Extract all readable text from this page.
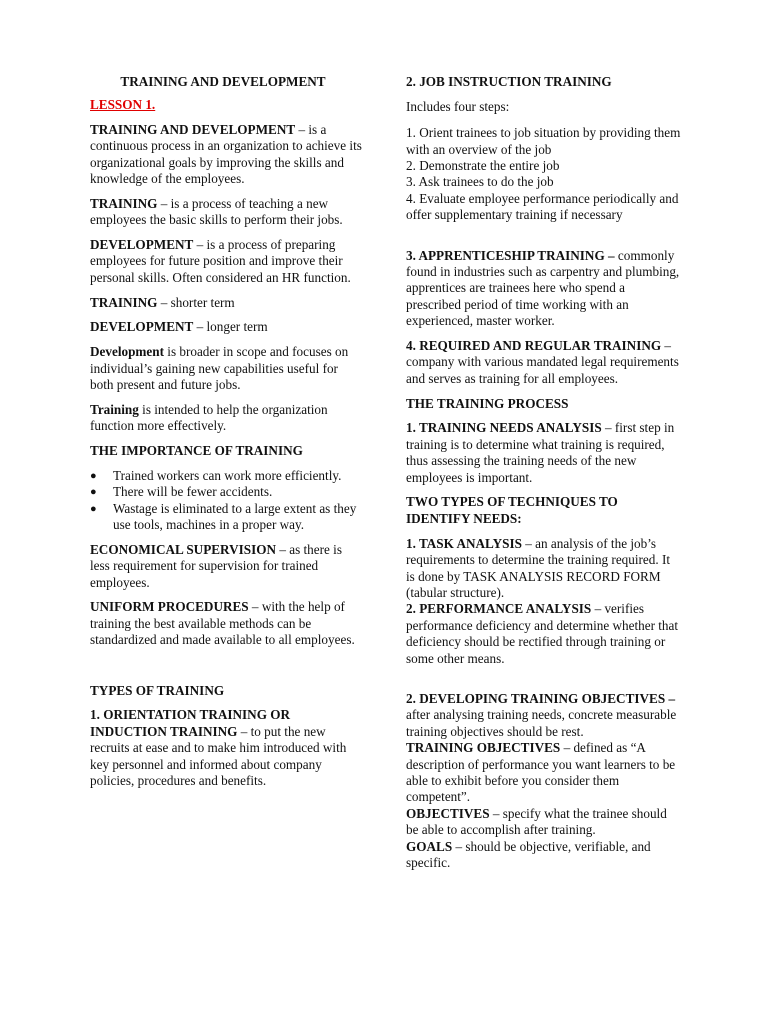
TRAINING AND DEVELOPMENT

LESSON 1.

TRAINING AND DEVELOPMENT – is a continuous process in an organization to achieve its organizational goals by improving the skills and knowledge of the employees.

TRAINING – is a process of teaching a new employees the basic skills to perform their jobs.

DEVELOPMENT – is a process of preparing employees for future position and improve their personal skills. Often considered an HR function.

TRAINING – shorter term

DEVELOPMENT – longer term

Development is broader in scope and focuses on individual’s gaining new capabilities useful for both present and future jobs.

Training is intended to help the organization function more effectively.

THE IMPORTANCE OF TRAINING

● Trained workers can work more efficiently.
● There will be fewer accidents.
● Wastage is eliminated to a large extent as they use tools, machines in a proper way.

ECONOMICAL SUPERVISION – as there is less requirement for supervision for trained employees.

UNIFORM PROCEDURES – with the help of training the best available methods can be standardized and made available to all employees.

TYPES OF TRAINING

1. ORIENTATION TRAINING OR INDUCTION TRAINING – to put the new recruits at ease and to make him introduced with key personnel and informed about company policies, procedures and benefits.

2. JOB INSTRUCTION TRAINING

Includes four steps:

1. Orient trainees to job situation by providing them with an overview of the job

2. Demonstrate the entire job

3. Ask trainees to do the job

4. Evaluate employee performance periodically and offer supplementary training if necessary

3. APPRENTICESHIP TRAINING – commonly found in industries such as carpentry and plumbing, apprentices are trainees here who spend a prescribed period of time working with an experienced, master worker.

4. REQUIRED AND REGULAR TRAINING – company with various mandated legal requirements and serves as training for all employees.

THE TRAINING PROCESS

1. TRAINING NEEDS ANALYSIS – first step in training is to determine what training is required, thus assessing the training needs of the new employees is important.

TWO TYPES OF TECHNIQUES TO IDENTIFY NEEDS:

1. TASK ANALYSIS – an analysis of the job’s requirements to determine the training required. It is done by TASK ANALYSIS RECORD FORM (tabular structure).

2. PERFORMANCE ANALYSIS – verifies performance deficiency and determine whether that deficiency should be rectified through training or some other means.

2. DEVELOPING TRAINING OBJECTIVES – after analysing training needs, concrete measurable training objectives should be rest.

TRAINING OBJECTIVES – defined as “A description of performance you want learners to be able to exhibit before you consider them competent”.

OBJECTIVES – specify what the trainee should be able to accomplish after training.

GOALS – should be objective, verifiable, and specific.
